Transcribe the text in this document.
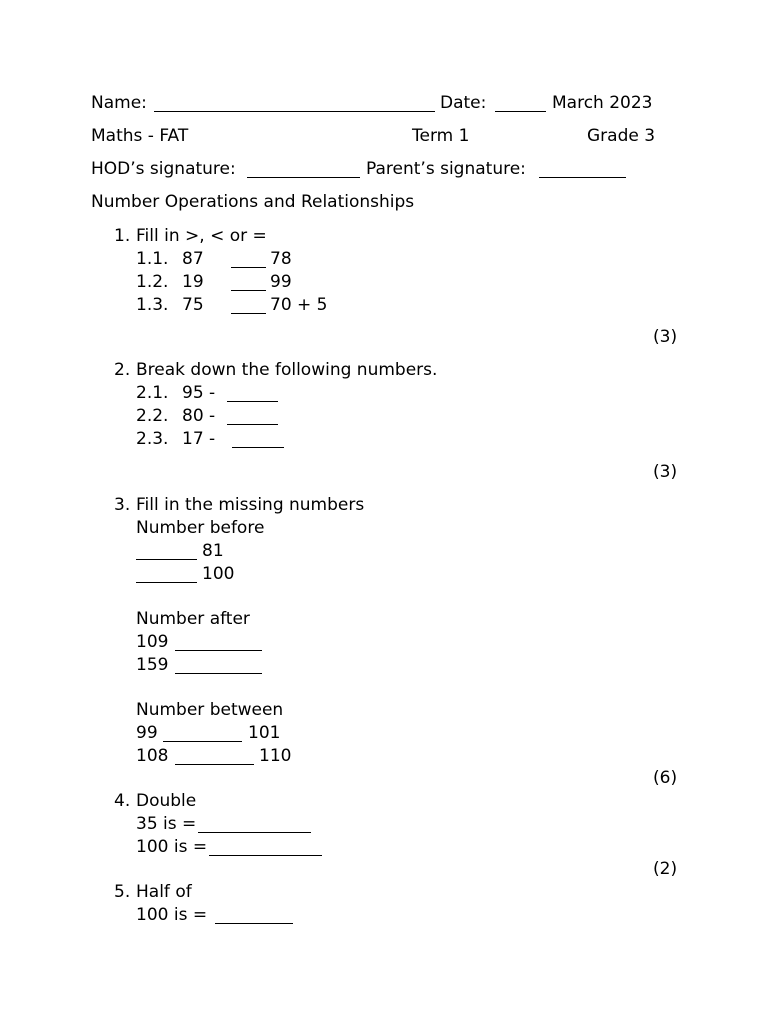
Name:	Date:	March 2023
Maths - FAT	Term 1	Grade 3
HOD’s signature:	Parent’s signature:
Number Operations and Relationships
1. Fill in >, < or =
1.1. 87	78
1.2. 19	99
1.3. 75	70 + 5
(3)
2. Break down the following numbers.
2.1. 95 -
2.2. 80 -
2.3. 17 -
(3)
3. Fill in the missing numbers
Number before
81
100
Number after
109
159
Number between
99	101
108	110
(6)
4. Double
35 is =
100 is =
(2)
5. Half of
100 is =
